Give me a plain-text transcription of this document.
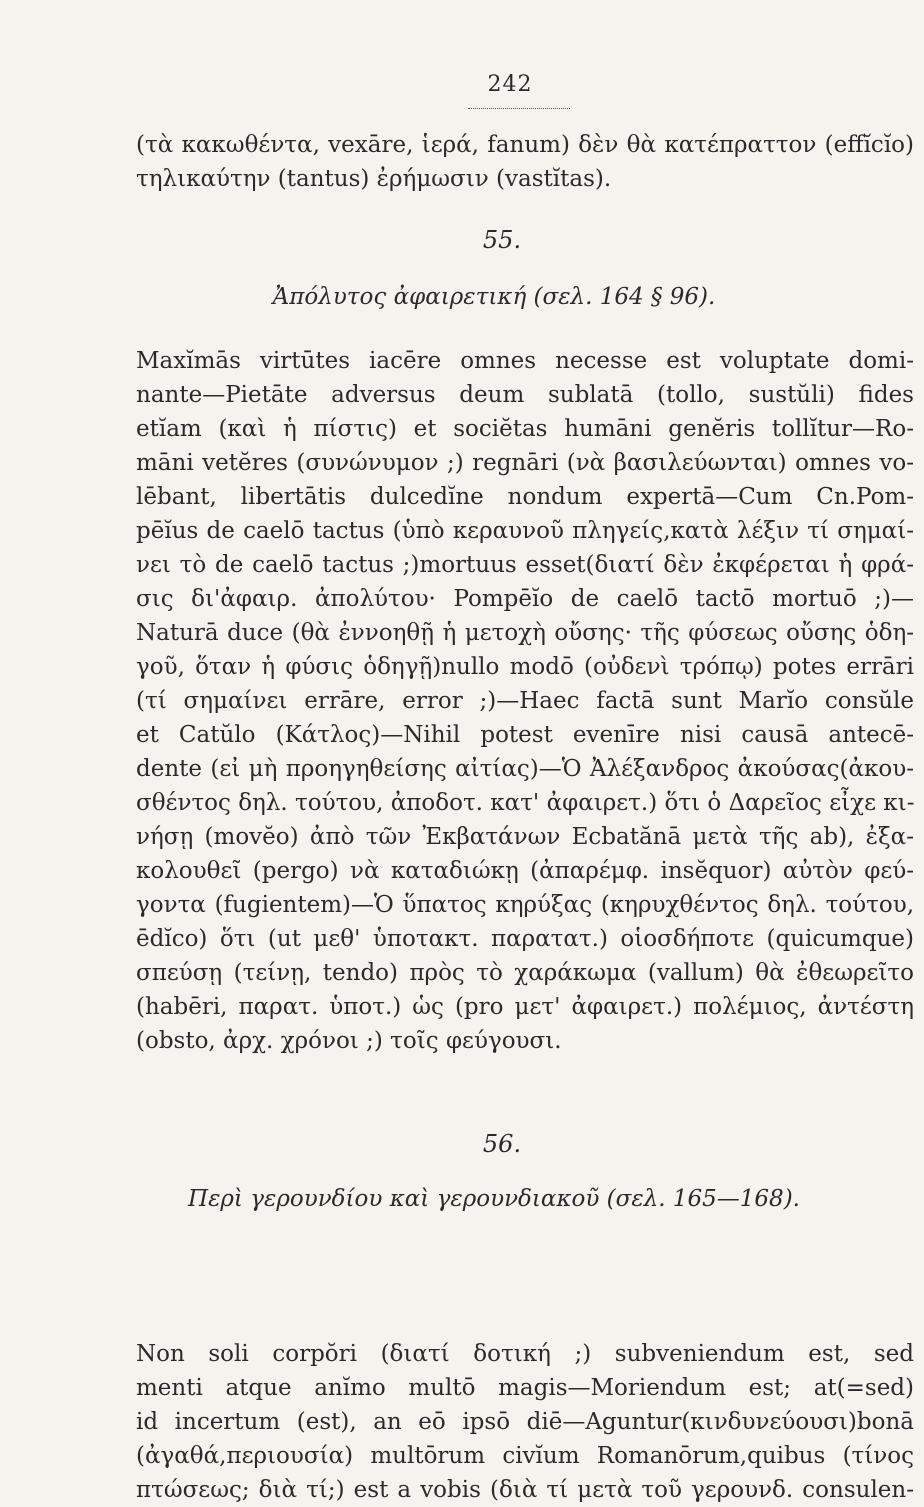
242
(τὰ κακωθέντα, vexāre, ἱερά, fanum) δὲν θὰ κατέπραττον (effĭcĭo)
τηλικαύτην (tantus) ἐρήμωσιν (vastĭtas).
55.
Ἀπόλυτος ἀφαιρετική (σελ. 164 § 96).
Maxĭmās virtūtes iacēre omnes necesse est voluptate domi-
nante—Pietāte adversus deum sublatā (tollo, sustŭli) fides
etĭam (καὶ ἡ πίστις) et sociĕtas humāni genĕris tollĭtur—Ro-
māni vetĕres (συνώνυμον ;) regnāri (νὰ βασιλεύωνται) omnes vo-
lēbant, libertātis dulcedĭne nondum expertā—Cum Cn.Pom-
pēĭus de caelō tactus (ὑπὸ κεραυνοῦ πληγείς,κατὰ λέξιν τί σημαί-
νει τὸ de caelō tactus ;)mortuus esset(διατί δὲν ἐκφέρεται ἡ φρά-
σις δι'ἀφαιρ. ἀπολύτου· Pompēĭo de caelō tactō mortuō ;)—
Naturā duce (θὰ ἐννοηθῇ ἡ μετοχὴ οὔσης· τῆς φύσεως οὔσης ὁδη-
γοῦ, ὅταν ἡ φύσις ὁδηγῇ)nullo modō (οὐδενὶ τρόπῳ) potes errāri
(τί σημαίνει errāre, error ;)—Haec factā sunt Marĭo consŭle
et Catŭlo (Κάτλος)—Nihil potest evenīre nisi causā antecē-
dente (εἰ μὴ προηγηθείσης αἰτίας)—Ὁ Ἀλέξανδρος ἀκούσας(ἀκου-
σθέντος δηλ. τούτου, ἀποδοτ. κατ' ἀφαιρετ.) ὅτι ὁ Δαρεῖος εἶχε κι-
νήσῃ (movĕo) ἀπὸ τῶν Ἐκβατάνων Ecbatănā μετὰ τῆς ab), ἐξα-
κολουθεῖ (pergo) νὰ καταδιώκῃ (ἀπαρέμφ. insĕquor) αὐτὸν φεύ-
γοντα (fugientem)—Ὁ ὕπατος κηρύξας (κηρυχθέντος δηλ. τούτου,
ēdĭco) ὅτι (ut μεθ' ὑποτακτ. παρατατ.) οἱοσδήποτε (quicumque)
σπεύσῃ (τείνῃ, tendo) πρὸς τὸ χαράκωμα (vallum) θὰ ἐθεωρεῖτο
(habēri, παρατ. ὑποτ.) ὡς (pro μετ' ἀφαιρετ.) πολέμιος, ἀντέστη
(obsto, ἀρχ. χρόνοι ;) τοῖς φεύγουσι.
56.
Περὶ γερουνδίου καὶ γερουνδιακοῦ (σελ. 165—168).
Non soli corpŏri (διατί δοτική ;) subveniendum est, sed
menti atque anĭmo multō magis—Moriendum est; at(=sed)
id incertum (est), an eō ipsō diē—Aguntur(κινδυνεύουσι)bonā
(ἀγαθά,περιουσία) multōrum civĭum Romanōrum,quibus (τίνος
πτώσεως; διὰ τί;) est a vobis (διὰ τί μετὰ τοῦ γερουνδ. consulen-
